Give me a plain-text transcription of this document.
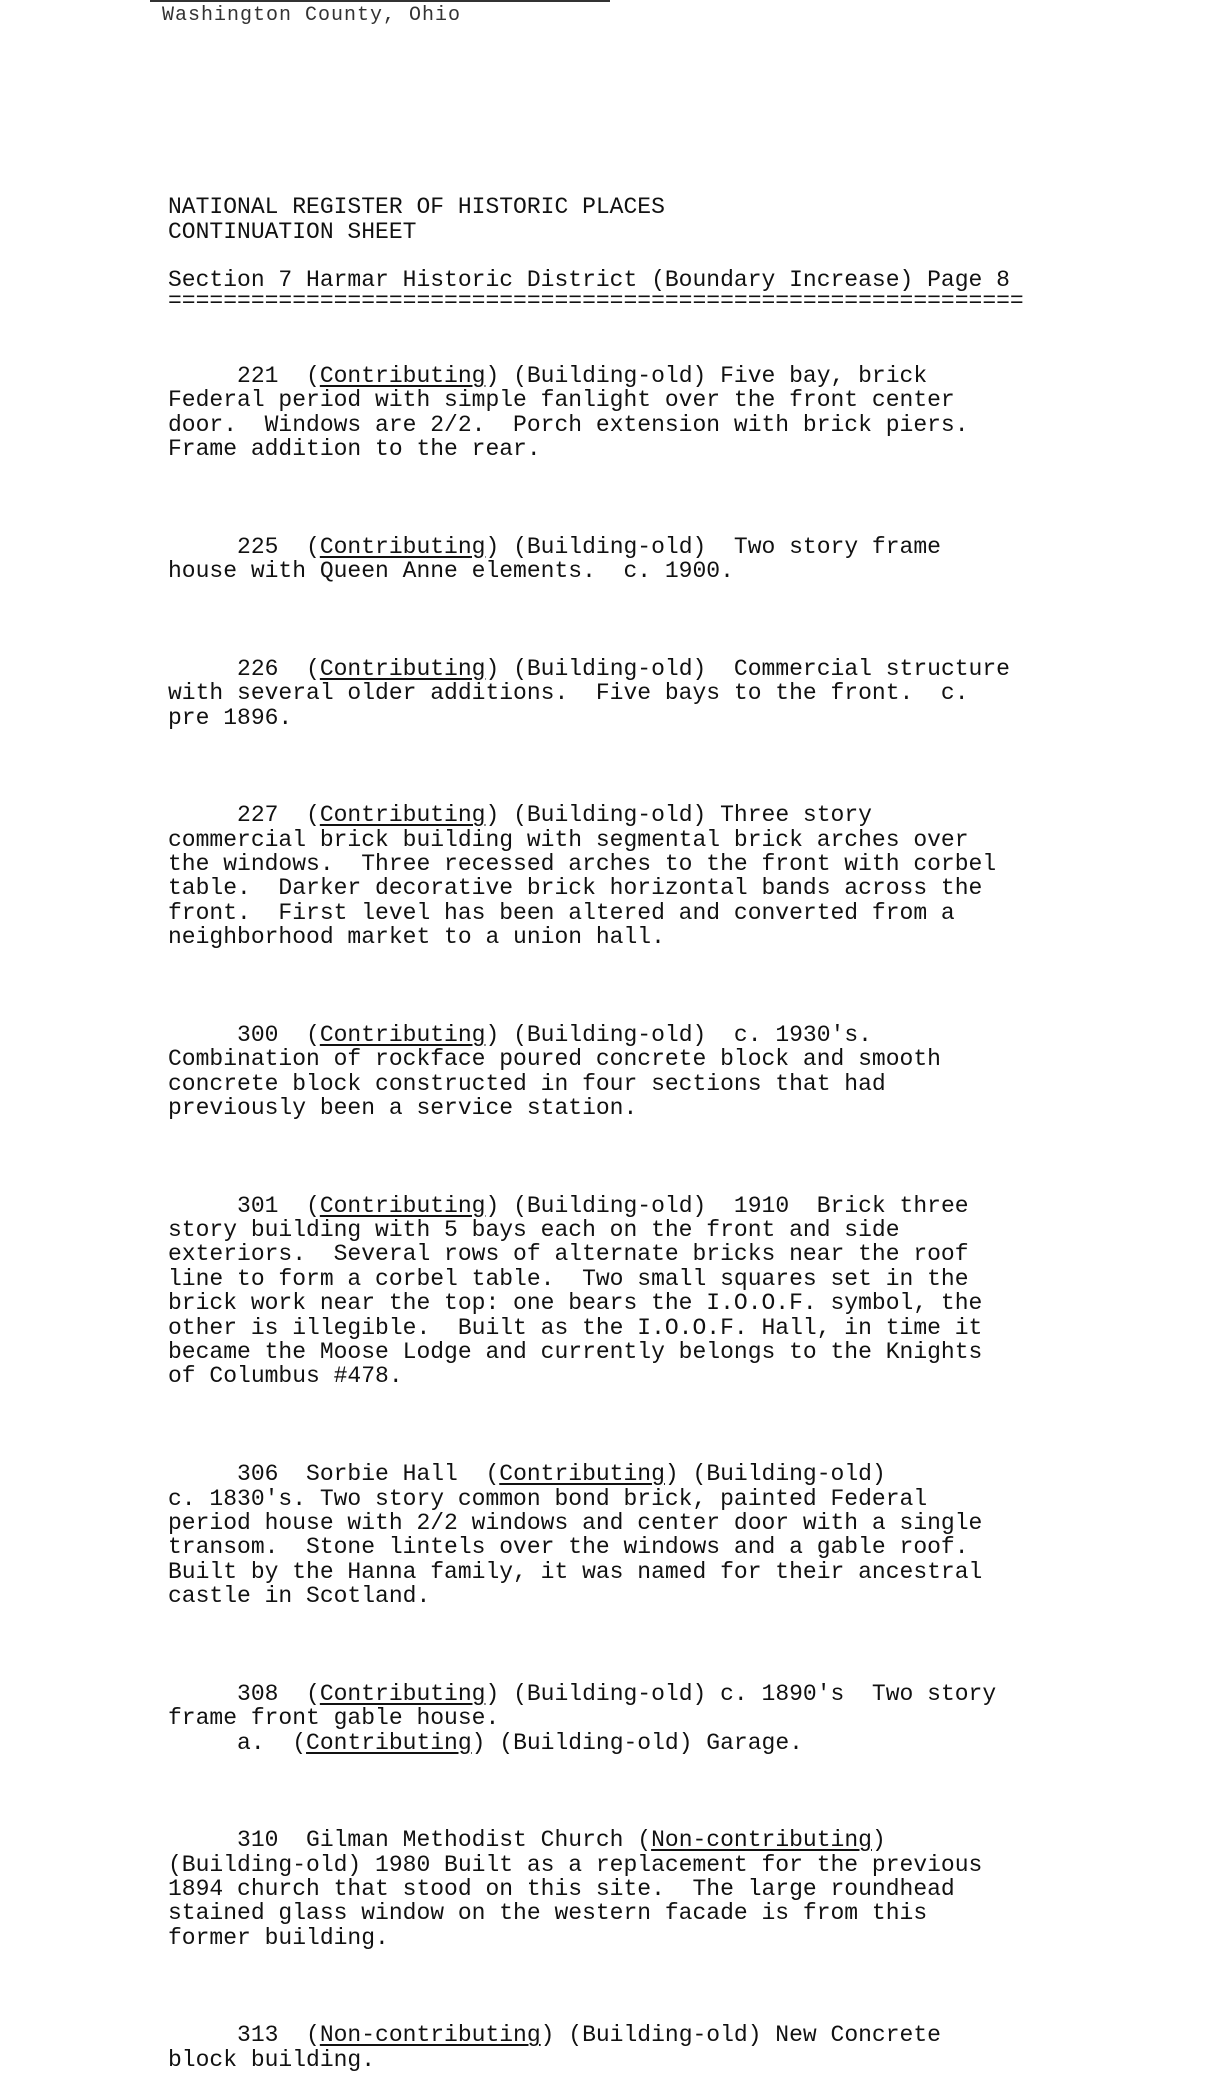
Washington County, Ohio
NATIONAL REGISTER OF HISTORIC PLACES
CONTINUATION SHEET
Section 7 Harmar Historic District (Boundary Increase) Page 8
==============================================================

221  (Contributing) (Building-old) Five bay, brick
Federal period with simple fanlight over the front center
door.  Windows are 2/2.  Porch extension with brick piers.
Frame addition to the rear.

225  (Contributing) (Building-old)  Two story frame
house with Queen Anne elements.  c. 1900.

226  (Contributing) (Building-old)  Commercial structure
with several older additions.  Five bays to the front.  c.
pre 1896.

227  (Contributing) (Building-old) Three story
commercial brick building with segmental brick arches over
the windows.  Three recessed arches to the front with corbel
table.  Darker decorative brick horizontal bands across the
front.  First level has been altered and converted from a
neighborhood market to a union hall.

300  (Contributing) (Building-old)  c. 1930's.
Combination of rockface poured concrete block and smooth
concrete block constructed in four sections that had
previously been a service station.

301  (Contributing) (Building-old)  1910  Brick three
story building with 5 bays each on the front and side
exteriors.  Several rows of alternate bricks near the roof
line to form a corbel table.  Two small squares set in the
brick work near the top: one bears the I.O.O.F. symbol, the
other is illegible.  Built as the I.O.O.F. Hall, in time it
became the Moose Lodge and currently belongs to the Knights
of Columbus #478.

306  Sorbie Hall  (Contributing) (Building-old)
c. 1830's. Two story common bond brick, painted Federal
period house with 2/2 windows and center door with a single
transom.  Stone lintels over the windows and a gable roof.
Built by the Hanna family, it was named for their ancestral
castle in Scotland.

308  (Contributing) (Building-old) c. 1890's  Two story
frame front gable house.
a.  (Contributing) (Building-old) Garage.

310  Gilman Methodist Church (Non-contributing)
(Building-old) 1980 Built as a replacement for the previous
1894 church that stood on this site.  The large roundhead
stained glass window on the western facade is from this
former building.

313  (Non-contributing) (Building-old) New Concrete
block building.
